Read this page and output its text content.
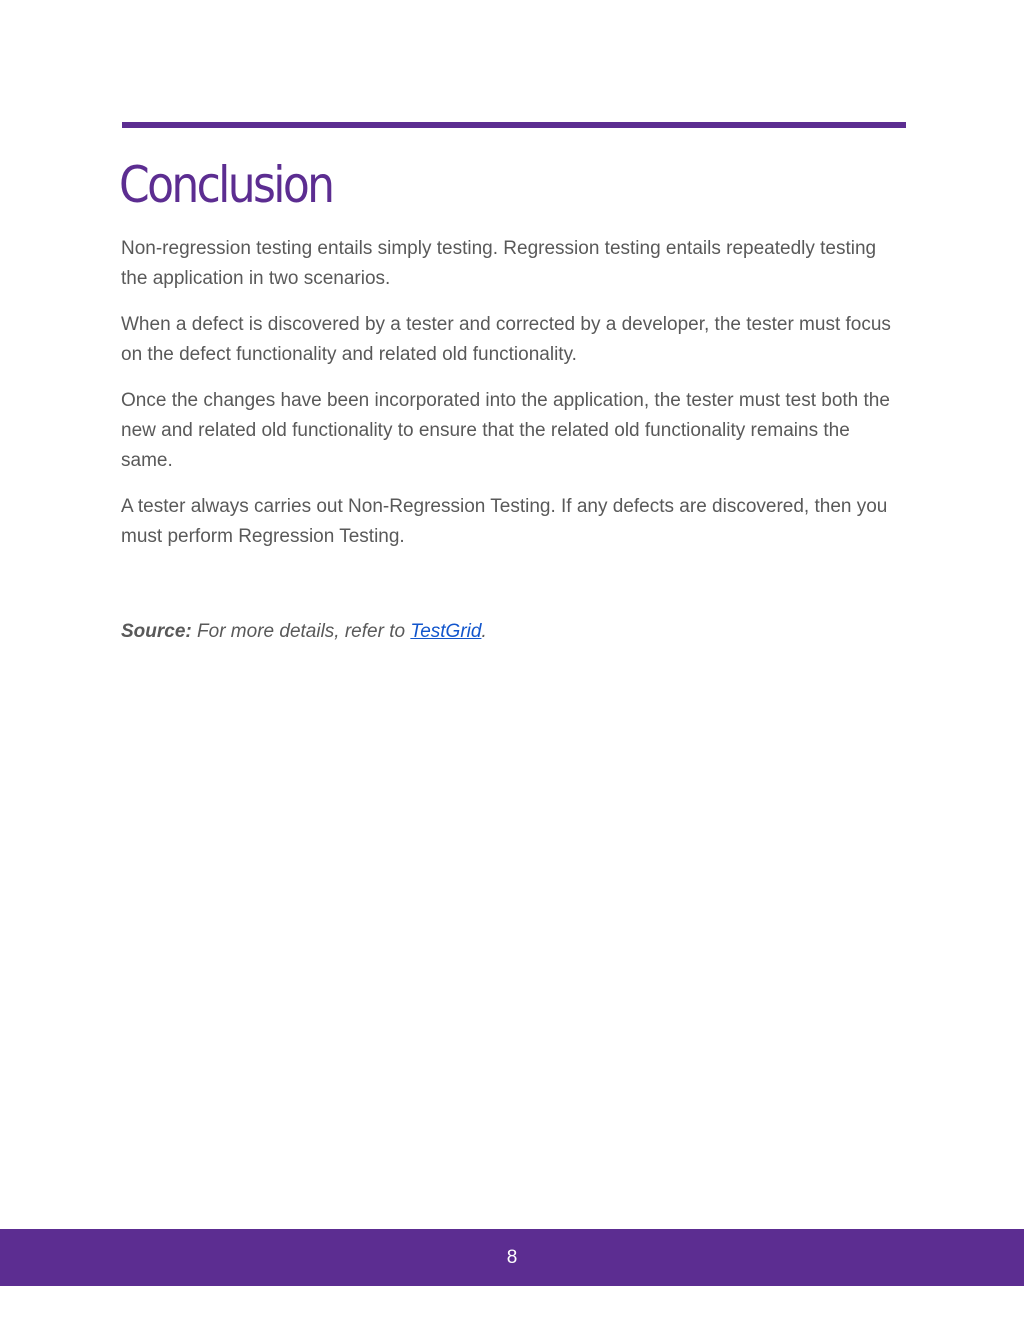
Conclusion

Non-regression testing entails simply testing. Regression testing entails repeatedly testing the application in two scenarios.

When a defect is discovered by a tester and corrected by a developer, the tester must focus on the defect functionality and related old functionality.

Once the changes have been incorporated into the application, the tester must test both the new and related old functionality to ensure that the related old functionality remains the same.

A tester always carries out Non-Regression Testing. If any defects are discovered, then you must perform Regression Testing.

Source: For more details, refer to TestGrid.

8
